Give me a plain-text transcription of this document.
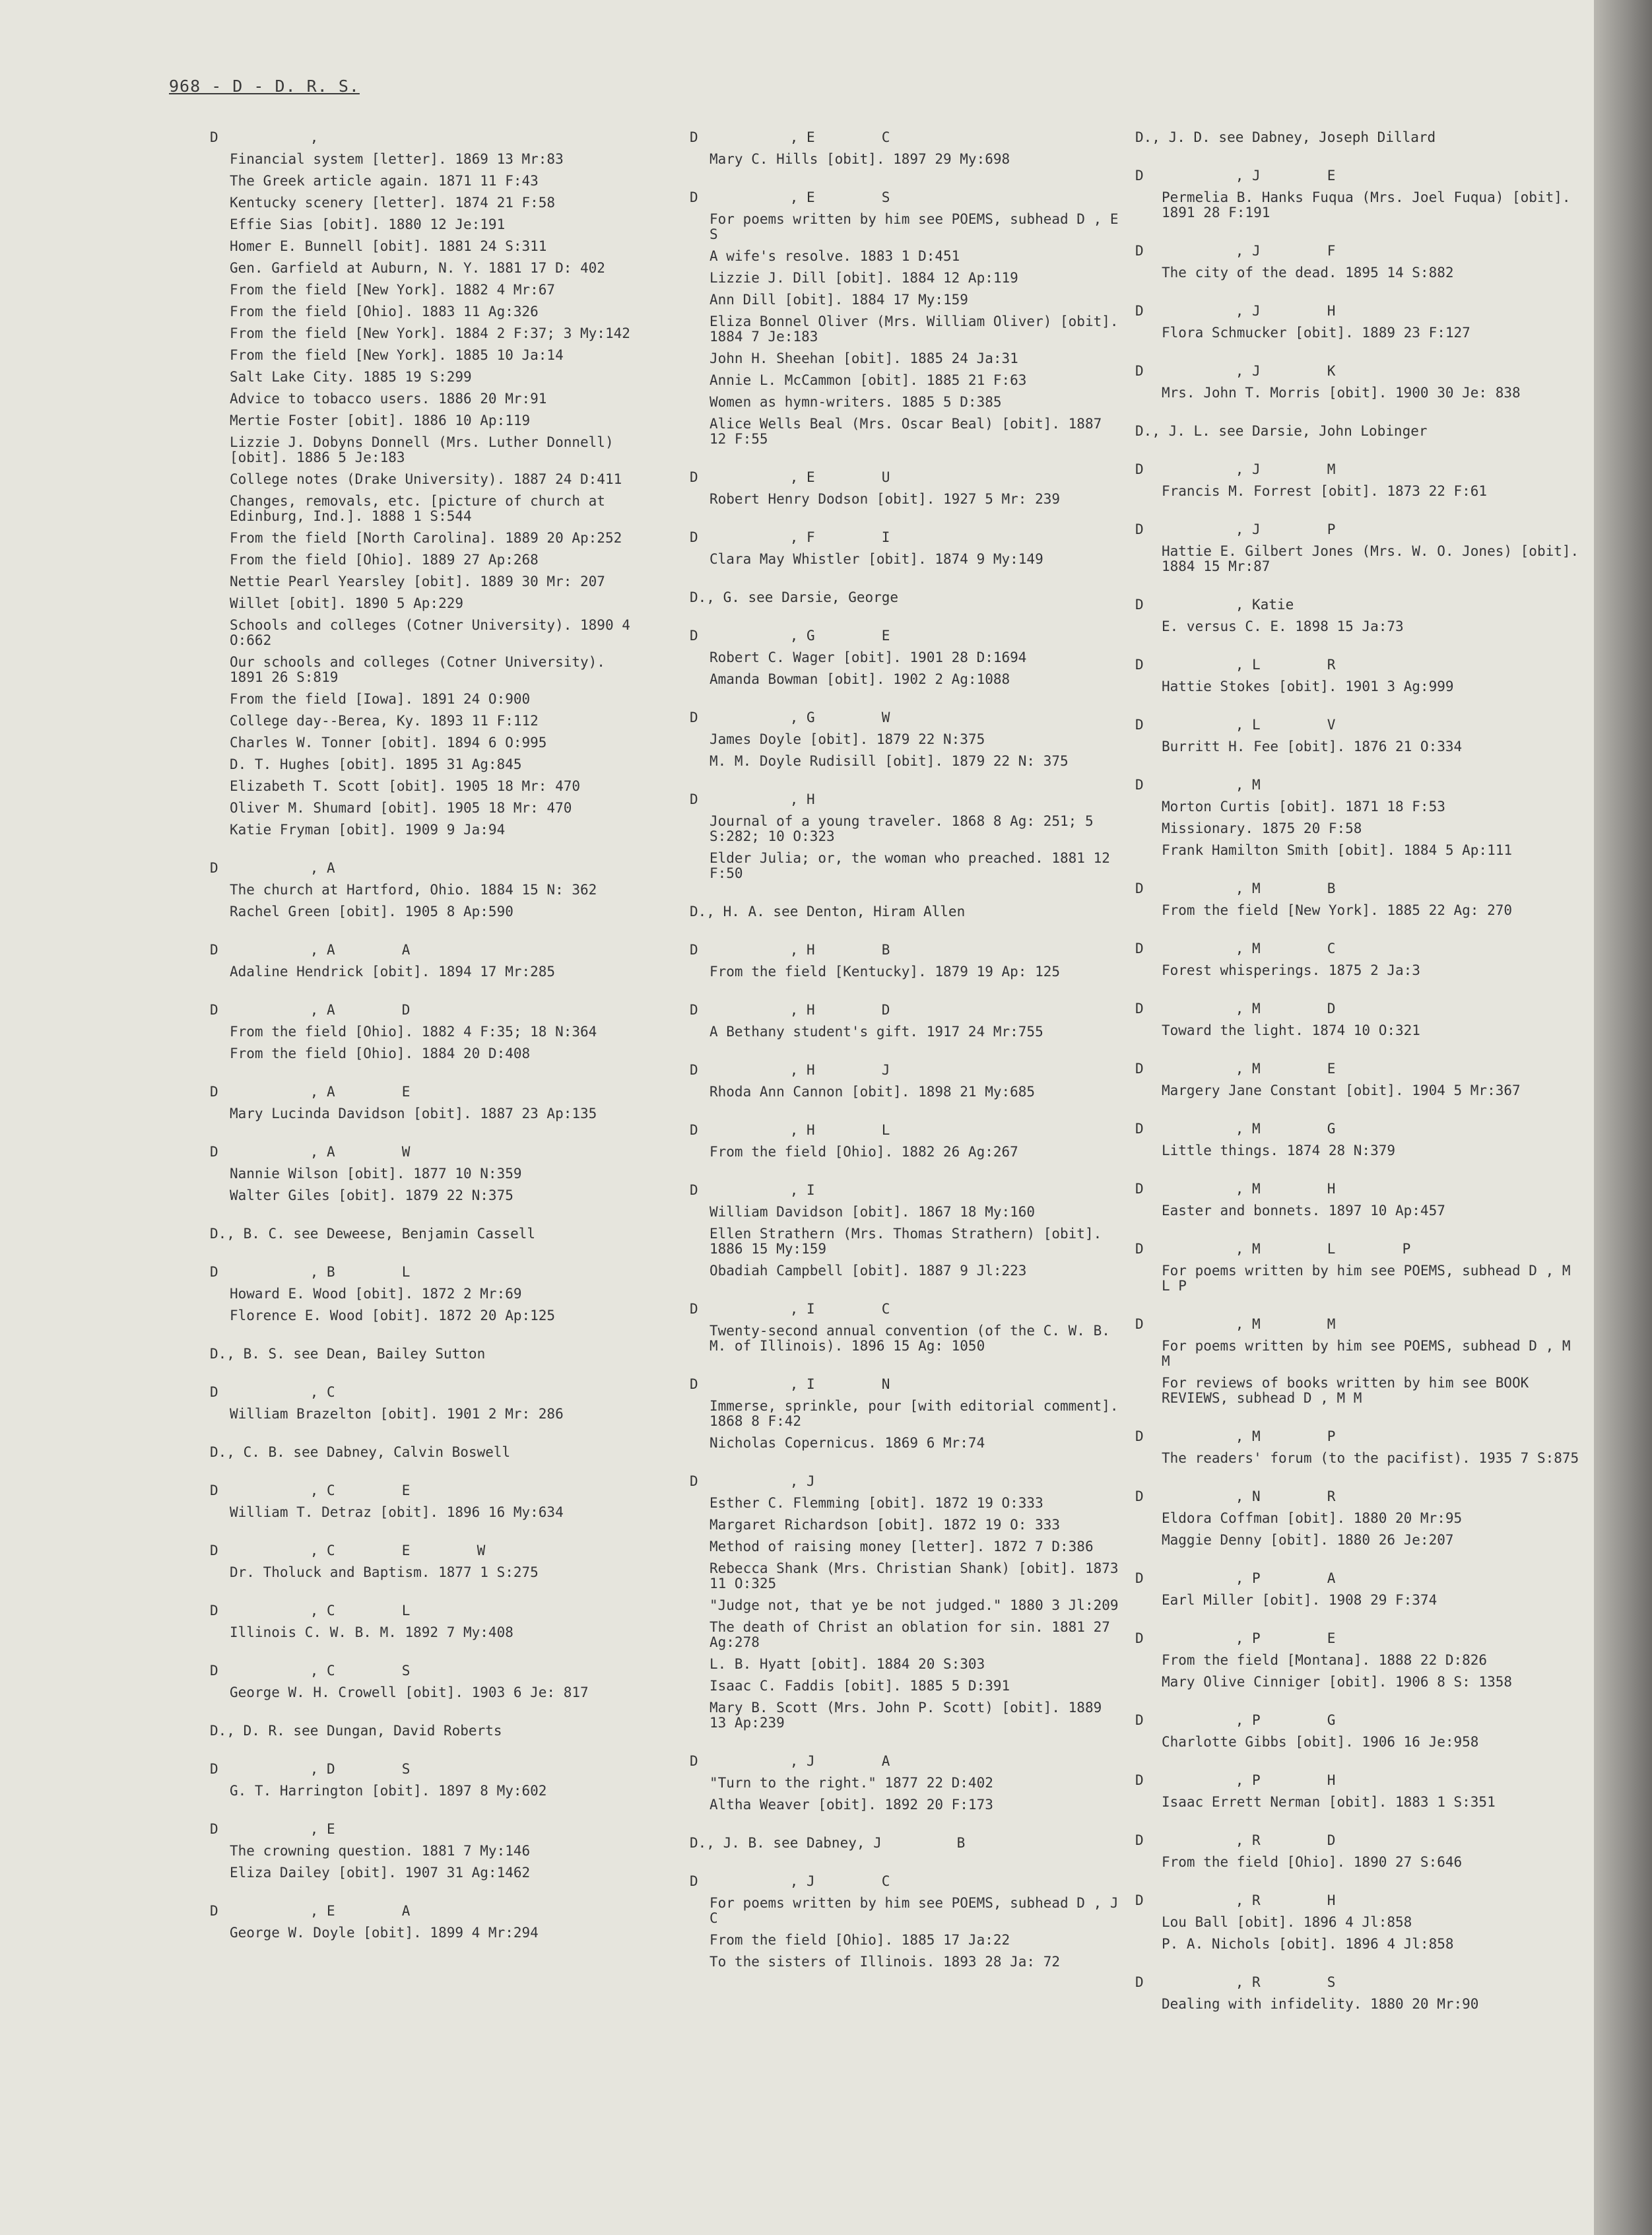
968 - D - D. R. S.
D           ,
Financial system [letter]. 1869 13 Mr:83
The Greek article again. 1871 11 F:43
Kentucky scenery [letter]. 1874 21 F:58
Effie Sias [obit]. 1880 12 Je:191
Homer E. Bunnell [obit]. 1881 24 S:311
Gen. Garfield at Auburn, N. Y. 1881 17 D: 402
From the field [New York]. 1882 4 Mr:67
From the field [Ohio]. 1883 11 Ag:326
From the field [New York]. 1884 2 F:37; 3 My:142
From the field [New York]. 1885 10 Ja:14
Salt Lake City. 1885 19 S:299
Advice to tobacco users. 1886 20 Mr:91
Mertie Foster [obit]. 1886 10 Ap:119
Lizzie J. Dobyns Donnell (Mrs. Luther Donnell) [obit]. 1886 5 Je:183
College notes (Drake University). 1887 24 D:411
Changes, removals, etc. [picture of church at Edinburg, Ind.]. 1888 1 S:544
From the field [North Carolina]. 1889 20 Ap:252
From the field [Ohio]. 1889 27 Ap:268
Nettie Pearl Yearsley [obit]. 1889 30 Mr: 207
Willet [obit]. 1890 5 Ap:229
Schools and colleges (Cotner University). 1890 4 O:662
Our schools and colleges (Cotner University). 1891 26 S:819
From the field [Iowa]. 1891 24 O:900
College day--Berea, Ky. 1893 11 F:112
Charles W. Tonner [obit]. 1894 6 O:995
D. T. Hughes [obit]. 1895 31 Ag:845
Elizabeth T. Scott [obit]. 1905 18 Mr: 470
Oliver M. Shumard [obit]. 1905 18 Mr: 470
Katie Fryman [obit]. 1909 9 Ja:94
D           , A
The church at Hartford, Ohio. 1884 15 N: 362
Rachel Green [obit]. 1905 8 Ap:590
D           , A        A
Adaline Hendrick [obit]. 1894 17 Mr:285
D           , A        D
From the field [Ohio]. 1882 4 F:35; 18 N:364
From the field [Ohio]. 1884 20 D:408
D           , A        E
Mary Lucinda Davidson [obit]. 1887 23 Ap:135
D           , A        W
Nannie Wilson [obit]. 1877 10 N:359
Walter Giles [obit]. 1879 22 N:375
D., B. C. see Deweese, Benjamin Cassell
D           , B        L
Howard E. Wood [obit]. 1872 2 Mr:69
Florence E. Wood [obit]. 1872 20 Ap:125
D., B. S. see Dean, Bailey Sutton
D           , C
William Brazelton [obit]. 1901 2 Mr: 286
D., C. B. see Dabney, Calvin Boswell
D           , C        E
William T. Detraz [obit]. 1896 16 My:634
D           , C        E        W
Dr. Tholuck and Baptism. 1877 1 S:275
D           , C        L
Illinois C. W. B. M. 1892 7 My:408
D           , C        S
George W. H. Crowell [obit]. 1903 6 Je: 817
D., D. R. see Dungan, David Roberts
D           , D        S
G. T. Harrington [obit]. 1897 8 My:602
D           , E
The crowning question. 1881 7 My:146
Eliza Dailey [obit]. 1907 31 Ag:1462
D           , E        A
George W. Doyle [obit]. 1899 4 Mr:294
D           , E        C
Mary C. Hills [obit]. 1897 29 My:698
D           , E        S
For poems written by him see POEMS, subhead D , E S
A wife's resolve. 1883 1 D:451
Lizzie J. Dill [obit]. 1884 12 Ap:119
Ann Dill [obit]. 1884 17 My:159
Eliza Bonnel Oliver (Mrs. William Oliver) [obit]. 1884 7 Je:183
John H. Sheehan [obit]. 1885 24 Ja:31
Annie L. McCammon [obit]. 1885 21 F:63
Women as hymn-writers. 1885 5 D:385
Alice Wells Beal (Mrs. Oscar Beal) [obit]. 1887 12 F:55
D           , E        U
Robert Henry Dodson [obit]. 1927 5 Mr: 239
D           , F        I
Clara May Whistler [obit]. 1874 9 My:149
D., G. see Darsie, George
D           , G        E
Robert C. Wager [obit]. 1901 28 D:1694
Amanda Bowman [obit]. 1902 2 Ag:1088
D           , G        W
James Doyle [obit]. 1879 22 N:375
M. M. Doyle Rudisill [obit]. 1879 22 N: 375
D           , H
Journal of a young traveler. 1868 8 Ag: 251; 5 S:282; 10 O:323
Elder Julia; or, the woman who preached. 1881 12 F:50
D., H. A. see Denton, Hiram Allen
D           , H        B
From the field [Kentucky]. 1879 19 Ap: 125
D           , H        D
A Bethany student's gift. 1917 24 Mr:755
D           , H        J
Rhoda Ann Cannon [obit]. 1898 21 My:685
D           , H        L
From the field [Ohio]. 1882 26 Ag:267
D           , I
William Davidson [obit]. 1867 18 My:160
Ellen Strathern (Mrs. Thomas Strathern) [obit]. 1886 15 My:159
Obadiah Campbell [obit]. 1887 9 Jl:223
D           , I        C
Twenty-second annual convention (of the C. W. B. M. of Illinois). 1896 15 Ag: 1050
D           , I        N
Immerse, sprinkle, pour [with editorial comment]. 1868 8 F:42
Nicholas Copernicus. 1869 6 Mr:74
D           , J
Esther C. Flemming [obit]. 1872 19 O:333
Margaret Richardson [obit]. 1872 19 O: 333
Method of raising money [letter]. 1872 7 D:386
Rebecca Shank (Mrs. Christian Shank) [obit]. 1873 11 O:325
"Judge not, that ye be not judged." 1880 3 Jl:209
The death of Christ an oblation for sin. 1881 27 Ag:278
L. B. Hyatt [obit]. 1884 20 S:303
Isaac C. Faddis [obit]. 1885 5 D:391
Mary B. Scott (Mrs. John P. Scott) [obit]. 1889 13 Ap:239
D           , J        A
"Turn to the right." 1877 22 D:402
Altha Weaver [obit]. 1892 20 F:173
D., J. B. see Dabney, J         B
D           , J        C
For poems written by him see POEMS, subhead D , J C
From the field [Ohio]. 1885 17 Ja:22
To the sisters of Illinois. 1893 28 Ja: 72
D., J. D. see Dabney, Joseph Dillard
D           , J        E
Permelia B. Hanks Fuqua (Mrs. Joel Fuqua) [obit]. 1891 28 F:191
D           , J        F
The city of the dead. 1895 14 S:882
D           , J        H
Flora Schmucker [obit]. 1889 23 F:127
D           , J        K
Mrs. John T. Morris [obit]. 1900 30 Je: 838
D., J. L. see Darsie, John Lobinger
D           , J        M
Francis M. Forrest [obit]. 1873 22 F:61
D           , J        P
Hattie E. Gilbert Jones (Mrs. W. O. Jones) [obit]. 1884 15 Mr:87
D           , Katie
E. versus C. E. 1898 15 Ja:73
D           , L        R
Hattie Stokes [obit]. 1901 3 Ag:999
D           , L        V
Burritt H. Fee [obit]. 1876 21 O:334
D           , M
Morton Curtis [obit]. 1871 18 F:53
Missionary. 1875 20 F:58
Frank Hamilton Smith [obit]. 1884 5 Ap:111
D           , M        B
From the field [New York]. 1885 22 Ag: 270
D           , M        C
Forest whisperings. 1875 2 Ja:3
D           , M        D
Toward the light. 1874 10 O:321
D           , M        E
Margery Jane Constant [obit]. 1904 5 Mr:367
D           , M        G
Little things. 1874 28 N:379
D           , M        H
Easter and bonnets. 1897 10 Ap:457
D           , M        L        P
For poems written by him see POEMS, subhead D , M L P
D           , M        M
For poems written by him see POEMS, subhead D , M M
For reviews of books written by him see BOOK REVIEWS, subhead D , M M
D           , M        P
The readers' forum (to the pacifist). 1935 7 S:875
D           , N        R
Eldora Coffman [obit]. 1880 20 Mr:95
Maggie Denny [obit]. 1880 26 Je:207
D           , P        A
Earl Miller [obit]. 1908 29 F:374
D           , P        E
From the field [Montana]. 1888 22 D:826
Mary Olive Cinniger [obit]. 1906 8 S: 1358
D           , P        G
Charlotte Gibbs [obit]. 1906 16 Je:958
D           , P        H
Isaac Errett Nerman [obit]. 1883 1 S:351
D           , R        D
From the field [Ohio]. 1890 27 S:646
D           , R        H
Lou Ball [obit]. 1896 4 Jl:858
P. A. Nichols [obit]. 1896 4 Jl:858
D           , R        S
Dealing with infidelity. 1880 20 Mr:90
